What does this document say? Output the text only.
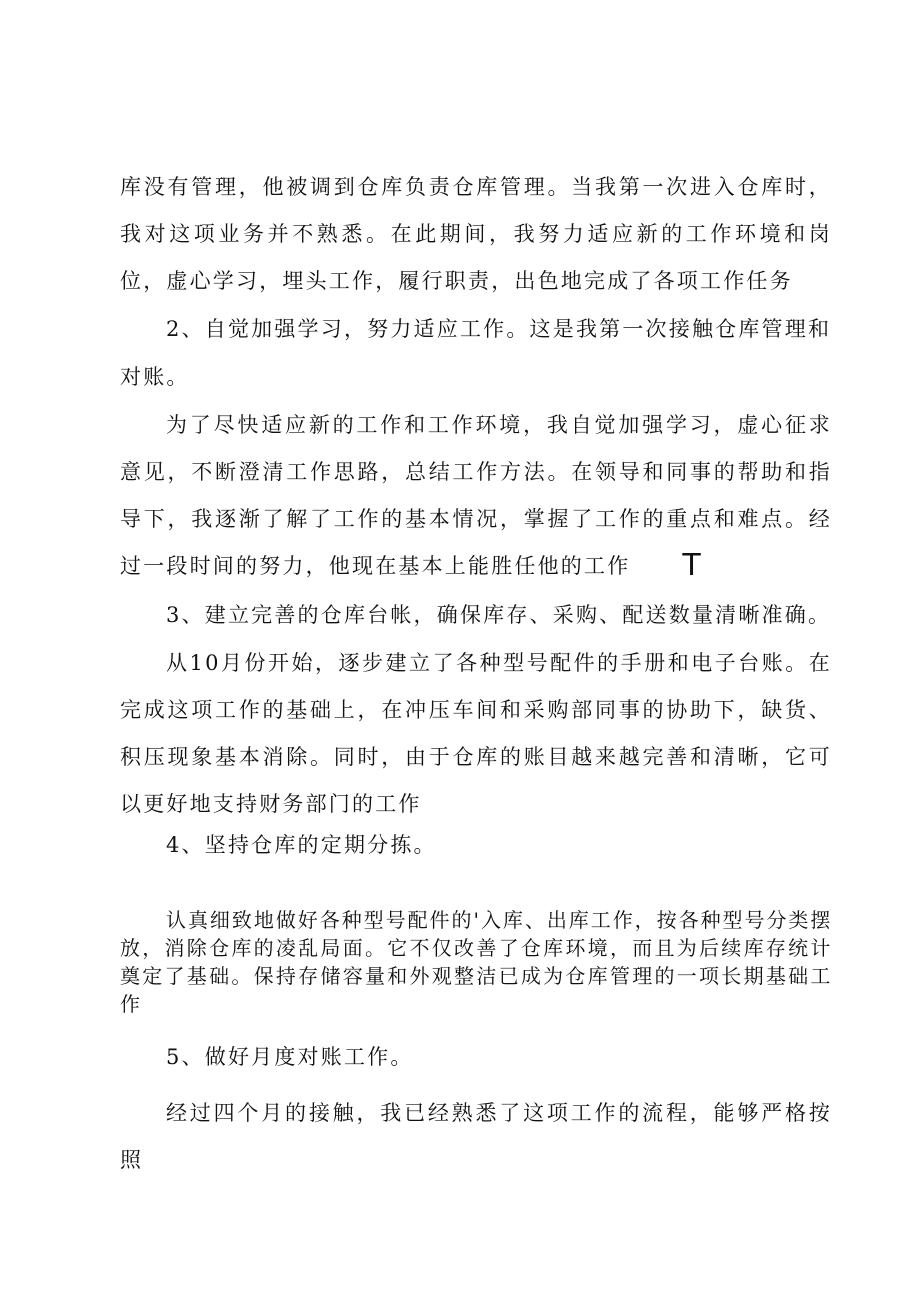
库没有管理，他被调到仓库负责仓库管理。当我第一次进入仓库时，我对这项业务并不熟悉。在此期间，我努力适应新的工作环境和岗位，虚心学习，埋头工作，履行职责，出色地完成了各项工作任务

2、自觉加强学习，努力适应工作。这是我第一次接触仓库管理和

对账。

为了尽快适应新的工作和工作环境，我自觉加强学习，虚心征求意见，不断澄清工作思路，总结工作方法。在领导和同事的帮助和指导下，我逐渐了解了工作的基本情况，掌握了工作的重点和难点。经过一段时间的努力，他现在基本上能胜任他的工作 T

3、建立完善的仓库台帐，确保库存、采购、配送数量清晰准确。

从10月份开始，逐步建立了各种型号配件的手册和电子台账。在完成这项工作的基础上，在冲压车间和采购部同事的协助下，缺货、积压现象基本消除。同时，由于仓库的账目越来越完善和清晰，它可以更好地支持财务部门的工作

4、坚持仓库的定期分拣。

认真细致地做好各种型号配件的'入库、出库工作，按各种型号分类摆放，消除仓库的凌乱局面。它不仅改善了仓库环境，而且为后续库存统计奠定了基础。保持存储容量和外观整洁已成为仓库管理的一项长期基础工作

5、做好月度对账工作。

经过四个月的接触，我已经熟悉了这项工作的流程，能够严格按照
